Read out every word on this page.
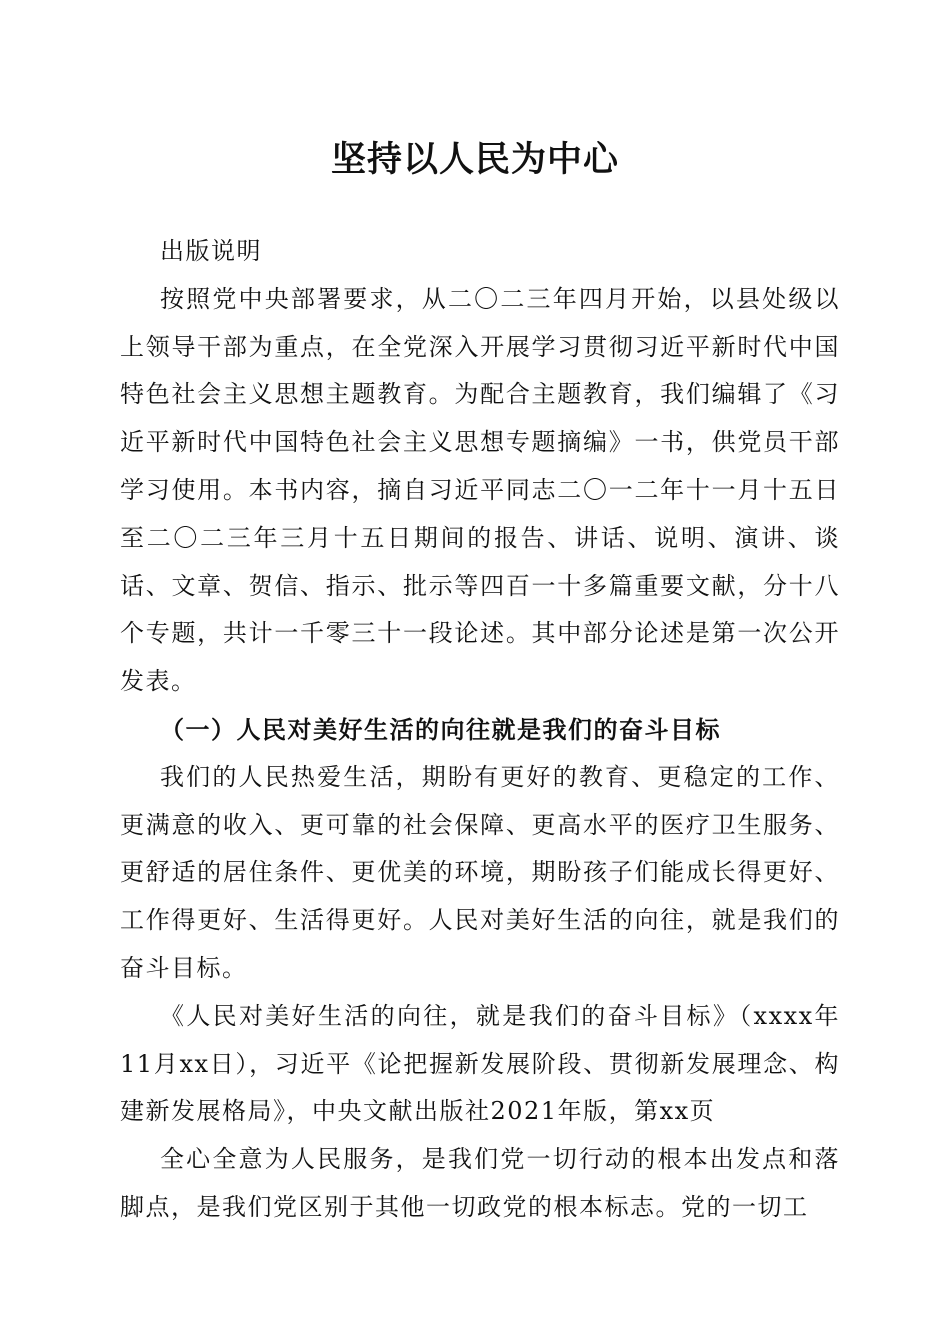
坚持以人民为中心

出版说明

按照党中央部署要求，从二〇二三年四月开始，以县处级以上领导干部为重点，在全党深入开展学习贯彻习近平新时代中国特色社会主义思想主题教育。为配合主题教育，我们编辑了《习近平新时代中国特色社会主义思想专题摘编》一书，供党员干部学习使用。本书内容，摘自习近平同志二〇一二年十一月十五日至二〇二三年三月十五日期间的报告、讲话、说明、演讲、谈话、文章、贺信、指示、批示等四百一十多篇重要文献，分十八个专题，共计一千零三十一段论述。其中部分论述是第一次公开发表。

（一）人民对美好生活的向往就是我们的奋斗目标

我们的人民热爱生活，期盼有更好的教育、更稳定的工作、更满意的收入、更可靠的社会保障、更高水平的医疗卫生服务、更舒适的居住条件、更优美的环境，期盼孩子们能成长得更好、工作得更好、生活得更好。人民对美好生活的向往，就是我们的奋斗目标。

《人民对美好生活的向往，就是我们的奋斗目标》（xxxx年11月xx日），习近平《论把握新发展阶段、贯彻新发展理念、构建新发展格局》，中央文献出版社2021年版，第xx页

全心全意为人民服务，是我们党一切行动的根本出发点和落脚点，是我们党区别于其他一切政党的根本标志。党的一切工
